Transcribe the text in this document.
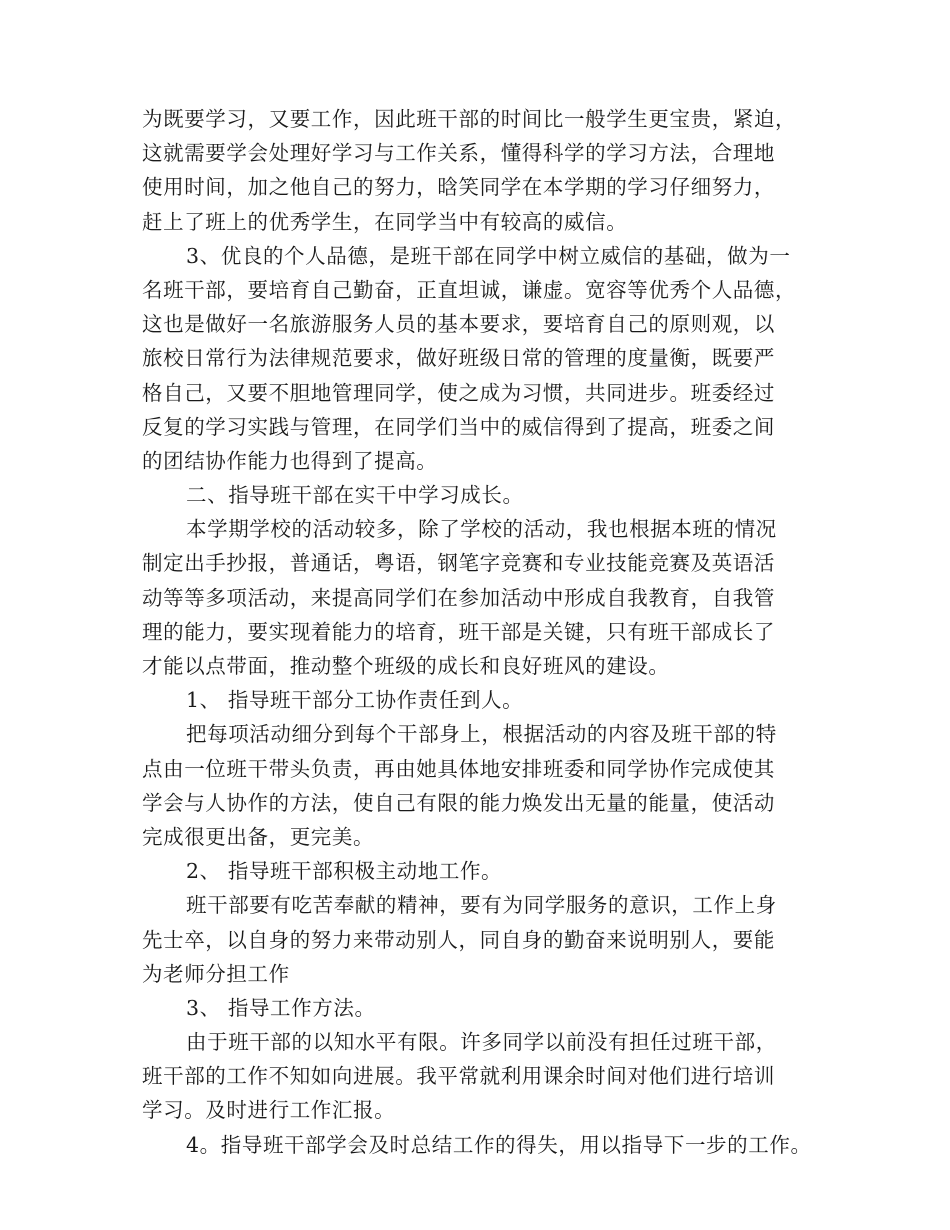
为既要学习，又要工作，因此班干部的时间比一般学生更宝贵，紧迫，
这就需要学会处理好学习与工作关系，懂得科学的学习方法，合理地
使用时间，加之他自己的努力，晗笑同学在本学期的学习仔细努力，
赶上了班上的优秀学生，在同学当中有较高的威信。
3、优良的个人品德，是班干部在同学中树立威信的基础，做为一
名班干部，要培育自己勤奋，正直坦诚，谦虚。宽容等优秀个人品德，
这也是做好一名旅游服务人员的基本要求，要培育自己的原则观，以
旅校日常行为法律规范要求，做好班级日常的管理的度量衡，既要严
格自己，又要不胆地管理同学，使之成为习惯，共同进步。班委经过
反复的学习实践与管理，在同学们当中的威信得到了提高，班委之间
的团结协作能力也得到了提高。
二、指导班干部在实干中学习成长。
本学期学校的活动较多，除了学校的活动，我也根据本班的情况
制定出手抄报，普通话，粤语，钢笔字竞赛和专业技能竞赛及英语活
动等等多项活动，来提高同学们在参加活动中形成自我教育，自我管
理的能力，要实现着能力的培育，班干部是关键，只有班干部成长了
才能以点带面，推动整个班级的成长和良好班风的建设。
1、 指导班干部分工协作责任到人。
把每项活动细分到每个干部身上，根据活动的内容及班干部的特
点由一位班干带头负责，再由她具体地安排班委和同学协作完成使其
学会与人协作的方法，使自己有限的能力焕发出无量的能量，使活动
完成很更出备，更完美。
2、 指导班干部积极主动地工作。
班干部要有吃苦奉献的精神，要有为同学服务的意识，工作上身
先士卒，以自身的努力来带动别人，同自身的勤奋来说明别人，要能
为老师分担工作
3、 指导工作方法。
由于班干部的以知水平有限。许多同学以前没有担任过班干部，
班干部的工作不知如向进展。我平常就利用课余时间对他们进行培训
学习。及时进行工作汇报。
4。指导班干部学会及时总结工作的得失，用以指导下一步的工作。
